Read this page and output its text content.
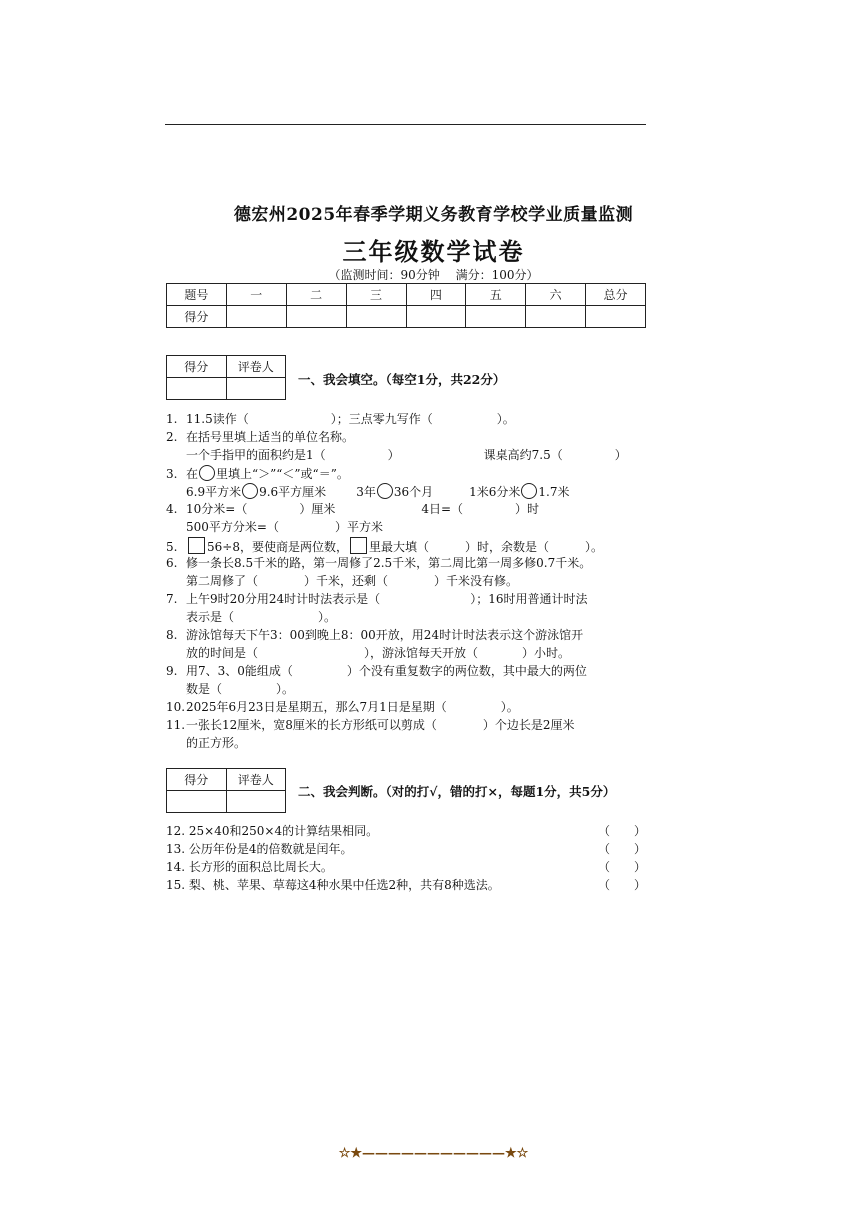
德宏州2025年春季学期义务教育学校学业质量监测
三年级数学试卷
（监测时间：90分钟 满分：100分）
题号	一	二	三	四	五	六	总分
得分							
得分	评卷人

一、我会填空。（每空1分，共22分）
1. 11.5读作（	）；三点零九写作（	）。
2. 在括号里填上适当的单位名称。
一个手指甲的面积约是1（	）	课桌高约7.5（	）
3. 在 里填上“＞”“＜”或“＝”。
6.9平方米 9.6平方厘米	3年 36个月	1米6分米 1.7米
4. 10分米=（	）厘米	4日=（	）时
500平方分米=（	）平方米
5. 56÷8，要使商是两位数， 里最大填（	）时，余数是（	）。
6. 修一条长8.5千米的路，第一周修了2.5千米，第二周比第一周多修0.7千米。
第二周修了（	）千米，还剩（	）千米没有修。
7. 上午9时20分用24时计时法表示是（	）；16时用普通计时法
表示是（	）。
8. 游泳馆每天下午3：00到晚上8：00开放，用24时计时法表示这个游泳馆开
放的时间是（	），游泳馆每天开放（	）小时。
9. 用7、3、0能组成（	）个没有重复数字的两位数，其中最大的两位
数是（	）。
10.2025年6月23日是星期五，那么7月1日是星期（	）。
11.一张长12厘米，宽8厘米的长方形纸可以剪成（	）个边长是2厘米
的正方形。
得分	评卷人

二、我会判断。（对的打√，错的打×，每题1分，共5分）
12. 25×40和250×4的计算结果相同。	（　　）
13. 公历年份是4的倍数就是闰年。	（　　）
14. 长方形的面积总比周长大。	（　　）
15. 梨、桃、苹果、草莓这4种水果中任选2种，共有8种选法。	（　　）
☆★———————————★☆
